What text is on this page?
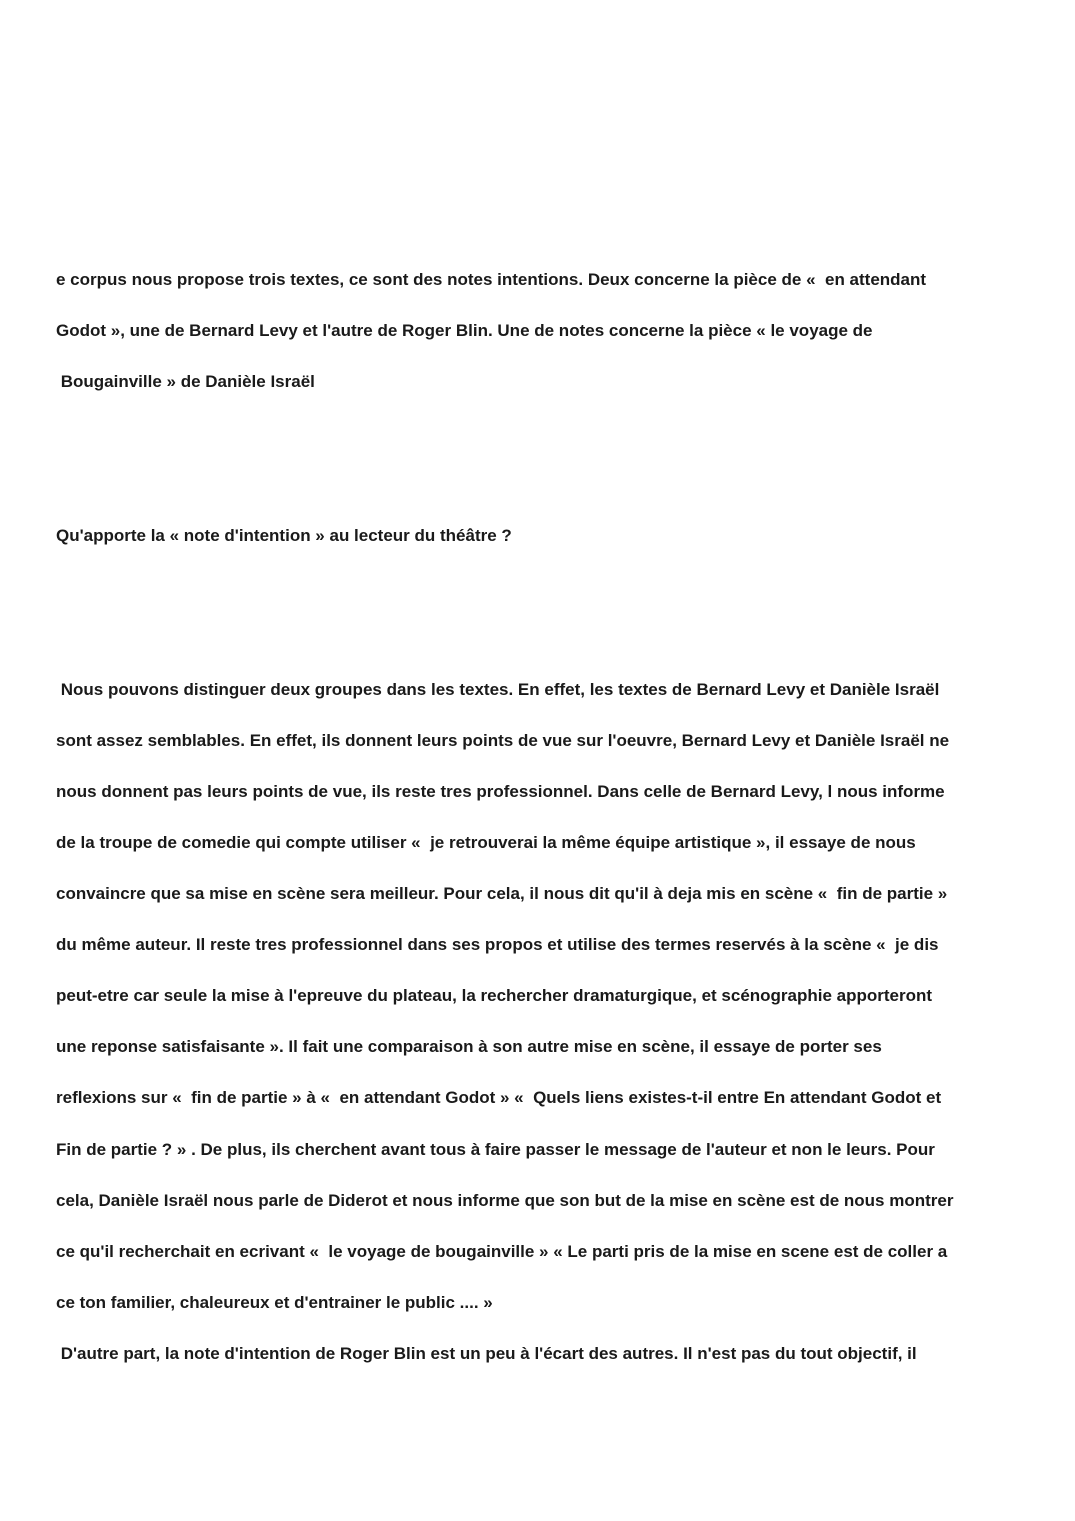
e corpus nous propose trois textes, ce sont des notes intentions. Deux concerne la pièce de «  en attendant
Godot », une de Bernard Levy et l'autre de Roger Blin. Une de notes concerne la pièce « le voyage de
Bougainville » de Danièle Israël
Qu'apporte la « note d'intention » au lecteur du théâtre ?
Nous pouvons distinguer deux groupes dans les textes. En effet, les textes de Bernard Levy et Danièle Israël
sont assez semblables. En effet, ils donnent leurs points de vue sur l'oeuvre, Bernard Levy et Danièle Israël ne
nous donnent pas leurs points de vue, ils reste tres professionnel. Dans celle de Bernard Levy, l nous informe
de la troupe de comedie qui compte utiliser «  je retrouverai la même équipe artistique », il essaye de nous
convaincre que sa mise en scène sera meilleur. Pour cela, il nous dit qu'il à deja mis en scène «  fin de partie »
du même auteur. Il reste tres professionnel dans ses propos et utilise des termes reservés à la scène «  je dis
peut-etre car seule la mise à l'epreuve du plateau, la rechercher dramaturgique, et scénographie apporteront
une reponse satisfaisante ». Il fait une comparaison à son autre mise en scène, il essaye de porter ses
reflexions sur «  fin de partie » à «  en attendant Godot » «  Quels liens existes-t-il entre En attendant Godot et
Fin de partie ? » . De plus, ils cherchent avant tous à faire passer le message de l'auteur et non le leurs. Pour
cela, Danièle Israël nous parle de Diderot et nous informe que son but de la mise en scène est de nous montrer
ce qu'il recherchait en ecrivant «  le voyage de bougainville » « Le parti pris de la mise en scene est de coller a
ce ton familier, chaleureux et d'entrainer le public .... »
D'autre part, la note d'intention de Roger Blin est un peu à l'écart des autres. Il n'est pas du tout objectif, il
